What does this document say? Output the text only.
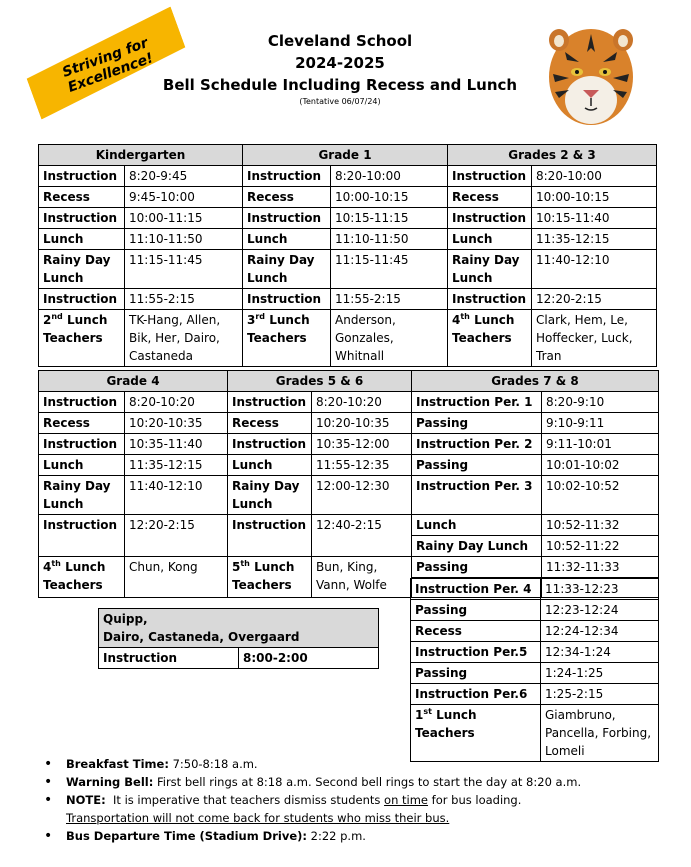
Striving for Excellence!
Cleveland School
2024-2025
Bell Schedule Including Recess and Lunch
(Tentative 06/07/24)
Kindergarten		Grade 1		Grades 2 & 3	
Instruction	8:20-9:45	Instruction	8:20-10:00	Instruction	8:20-10:00
Recess	9:45-10:00	Recess	10:00-10:15	Recess	10:00-10:15
Instruction	10:00-11:15	Instruction	10:15-11:15	Instruction	10:15-11:40
Lunch	11:10-11:50	Lunch	11:10-11:50	Lunch	11:35-12:15
Rainy Day Lunch	11:15-11:45	Rainy Day Lunch	11:15-11:45	Rainy Day Lunch	11:40-12:10
Instruction	11:55-2:15	Instruction	11:55-2:15	Instruction	12:20-2:15
2nd Lunch Teachers	TK-Hang, Allen, Bik, Her, Dairo, Castaneda	3rd Lunch Teachers	Anderson, Gonzales, Whitnall	4th Lunch Teachers	Clark, Hem, Le, Hoffecker, Luck, Tran
Grade 4		Grades 5 & 6		Grades 7 & 8	
Instruction	8:20-10:20	Instruction	8:20-10:20	Instruction Per. 1	8:20-9:10
Recess	10:20-10:35	Recess	10:20-10:35	Passing	9:10-9:11
Instruction	10:35-11:40	Instruction	10:35-12:00	Instruction Per. 2	9:11-10:01
Lunch	11:35-12:15	Lunch	11:55-12:35	Passing	10:01-10:02
Rainy Day Lunch	11:40-12:10	Rainy Day Lunch	12:00-12:30	Instruction Per. 3	10:02-10:52
Instruction	12:20-2:15	Instruction	12:40-2:15	Lunch	10:52-11:32
				Rainy Day Lunch	10:52-11:22
4th Lunch Teachers	Chun, Kong	5th Lunch Teachers	Bun, King, Vann, Wolfe	Passing	11:32-11:33

Instruction Per. 4	11:33-12:23
Passing	12:23-12:24
Recess	12:24-12:34
Instruction Per.5	12:34-1:24
Passing	1:24-1:25
Instruction Per.6	1:25-2:15
1st Lunch Teachers	Giambruno, Pancella, Forbing, Lomeli
Quipp,
Dairo, Castaneda, Overgaard

Instruction	8:00-2:00
• Breakfast Time: 7:50-8:18 a.m.
• Warning Bell: First bell rings at 8:18 a.m. Second bell rings to start the day at 8:20 a.m.
• NOTE:  It is imperative that teachers dismiss students on time for bus loading.
Transportation will not come back for students who miss their bus.
• Bus Departure Time (Stadium Drive): 2:22 p.m.
